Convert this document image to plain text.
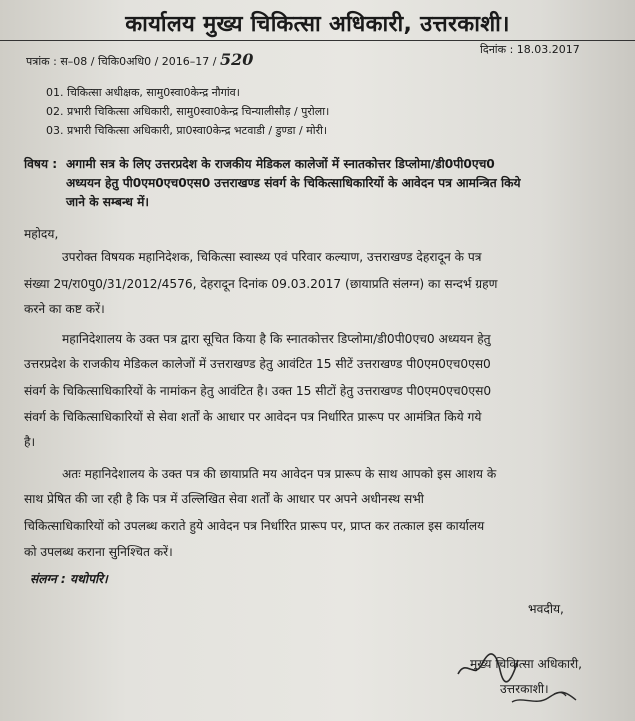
कार्यालय मुख्य चिकित्सा अधिकारी, उत्तरकाशी।
पत्रांक : स–08 / चिकि0अधि0 / 2016–17 / 520
दिनांक : 18.03.2017
01. चिकित्सा अधीक्षक, सामु0स्वा0केन्द्र नौगांव।
02. प्रभारी चिकित्सा अधिकारी, सामु0स्वा0केन्द्र चिन्यालीसौड़ / पुरोला।
03. प्रभारी चिकित्सा अधिकारी, प्रा0स्वा0केन्द्र भटवाडी / डुण्डा / मोरी।
विषय : अगामी सत्र के लिए उत्तरप्रदेश के राजकीय मेडिकल कालेजों में स्नातकोत्तर डिप्लोमा/डी0पी0एच0
अध्ययन हेतु पी0एम0एच0एस0 उत्तराखण्ड संवर्ग के चिकित्साधिकारियों के आवेदन पत्र आमन्त्रित किये
जाने के सम्बन्ध में।
महोदय,
उपरोक्त विषयक महानिदेशक, चिकित्सा स्वास्थ्य एवं परिवार कल्याण, उत्तराखण्ड देहरादून के पत्र
संख्या 2प/रा0पु0/31/2012/4576, देहरादून दिनांक 09.03.2017 (छायाप्रति संलग्न) का सन्दर्भ ग्रहण
करने का कष्ट करें।
महानिदेशालय के उक्त पत्र द्वारा सूचित किया है कि स्नातकोत्तर डिप्लोमा/डी0पी0एच0 अध्ययन हेतु
उत्तरप्रदेश के राजकीय मेडिकल कालेजों में उत्तराखण्ड हेतु आवंटित 15 सीटें उत्तराखण्ड पी0एम0एच0एस0
संवर्ग के चिकित्साधिकारियों के नामांकन हेतु आवंटित है। उक्त 15 सीटों हेतु उत्तराखण्ड पी0एम0एच0एस0
संवर्ग के चिकित्साधिकारियों से सेवा शर्तों के आधार पर आवेदन पत्र निर्धारित प्रारूप पर आमंत्रित किये गये
है।
अतः महानिदेशालय के उक्त पत्र की छायाप्रति मय आवेदन पत्र प्रारूप के साथ आपको इस आशय के
साथ प्रेषित की जा रही है कि पत्र में उल्लिखित सेवा शर्तों के आधार पर अपने अधीनस्थ सभी
चिकित्साधिकारियों को उपलब्ध कराते हुये आवेदन पत्र निर्धारित प्रारूप पर, प्राप्त कर तत्काल इस कार्यालय
को उपलब्ध कराना सुनिश्चित करें।
संलग्न : यथोपरि।
भवदीय,
मुख्य चिकित्सा अधिकारी,
उत्तरकाशी।
